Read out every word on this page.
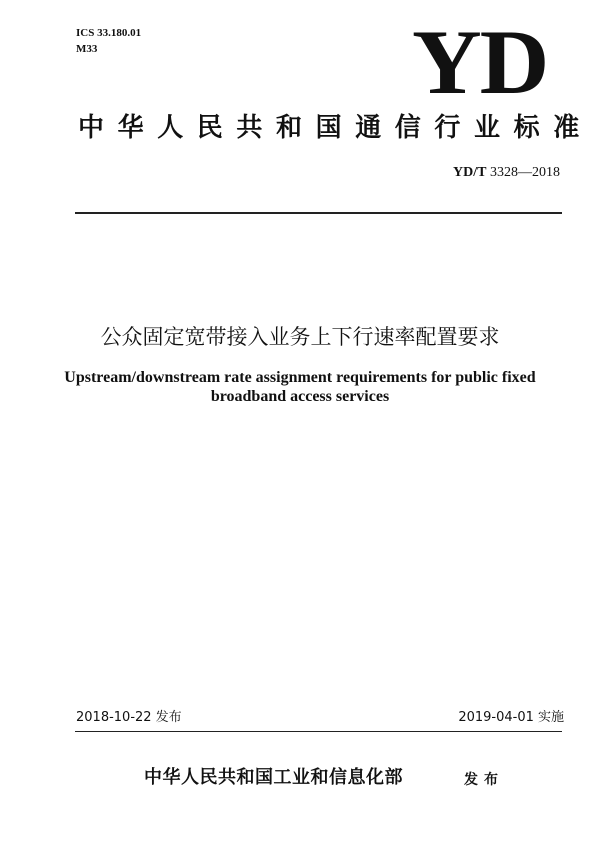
ICS 33.180.01
M33	YD
中华人民共和国通信行业标准
YD/T 3328—2018
公众固定宽带接入业务上下行速率配置要求
Upstream/downstream rate assignment requirements for public fixed
broadband access services
2018-10-22 发布	2019-04-01 实施
中华人民共和国工业和信息化部	发布
